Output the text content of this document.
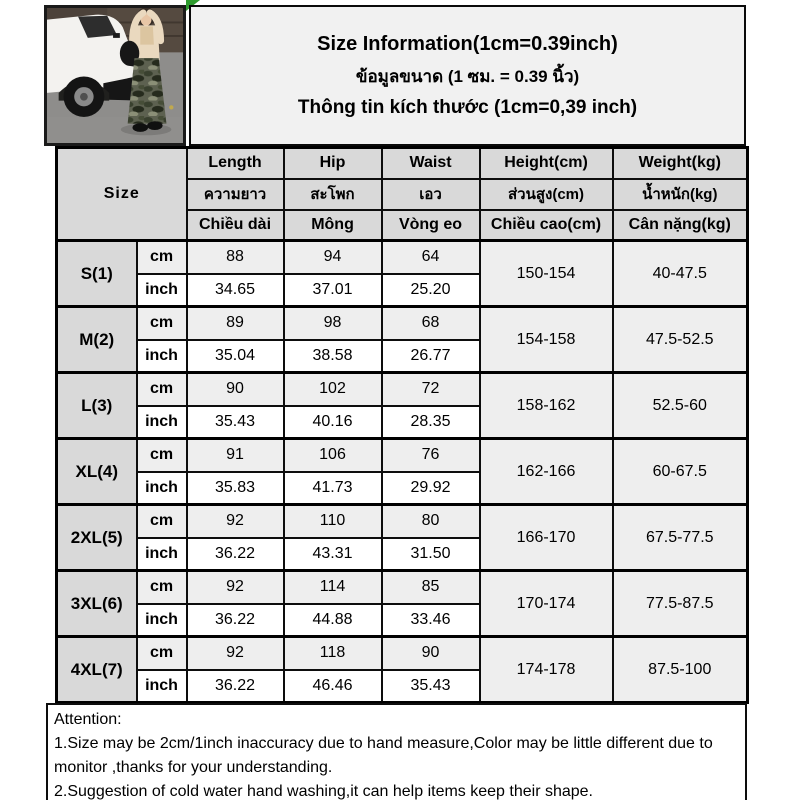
Size Information(1cm=0.39inch)
ข้อมูลขนาด (1 ซม. = 0.39 นิ้ว)
Thông tin kích thước (1cm=0,39 inch)
Size		Length	Hip	Waist	Height(cm)	Weight(kg)
		ความยาว	สะโพก	เอว	ส่วนสูง(cm)	น้ำหนัก(kg)
		Chiều dài	Mông	Vòng eo	Chiều cao(cm)	Cân nặng(kg)
S(1)	cm	88	94	64	150-154	40-47.5
	inch	34.65	37.01	25.20		
M(2)	cm	89	98	68	154-158	47.5-52.5
	inch	35.04	38.58	26.77		
L(3)	cm	90	102	72	158-162	52.5-60
	inch	35.43	40.16	28.35		
XL(4)	cm	91	106	76	162-166	60-67.5
	inch	35.83	41.73	29.92		
2XL(5)	cm	92	110	80	166-170	67.5-77.5
	inch	36.22	43.31	31.50		
3XL(6)	cm	92	114	85	170-174	77.5-87.5
	inch	36.22	44.88	33.46		
4XL(7)	cm	92	118	90	174-178	87.5-100
	inch	36.22	46.46	35.43		
Attention:
1.Size may be 2cm/1inch inaccuracy due to hand measure,Color may be little different due to
monitor ,thanks for your understanding.
2.Suggestion of cold water hand washing,it can help items keep their shape.
